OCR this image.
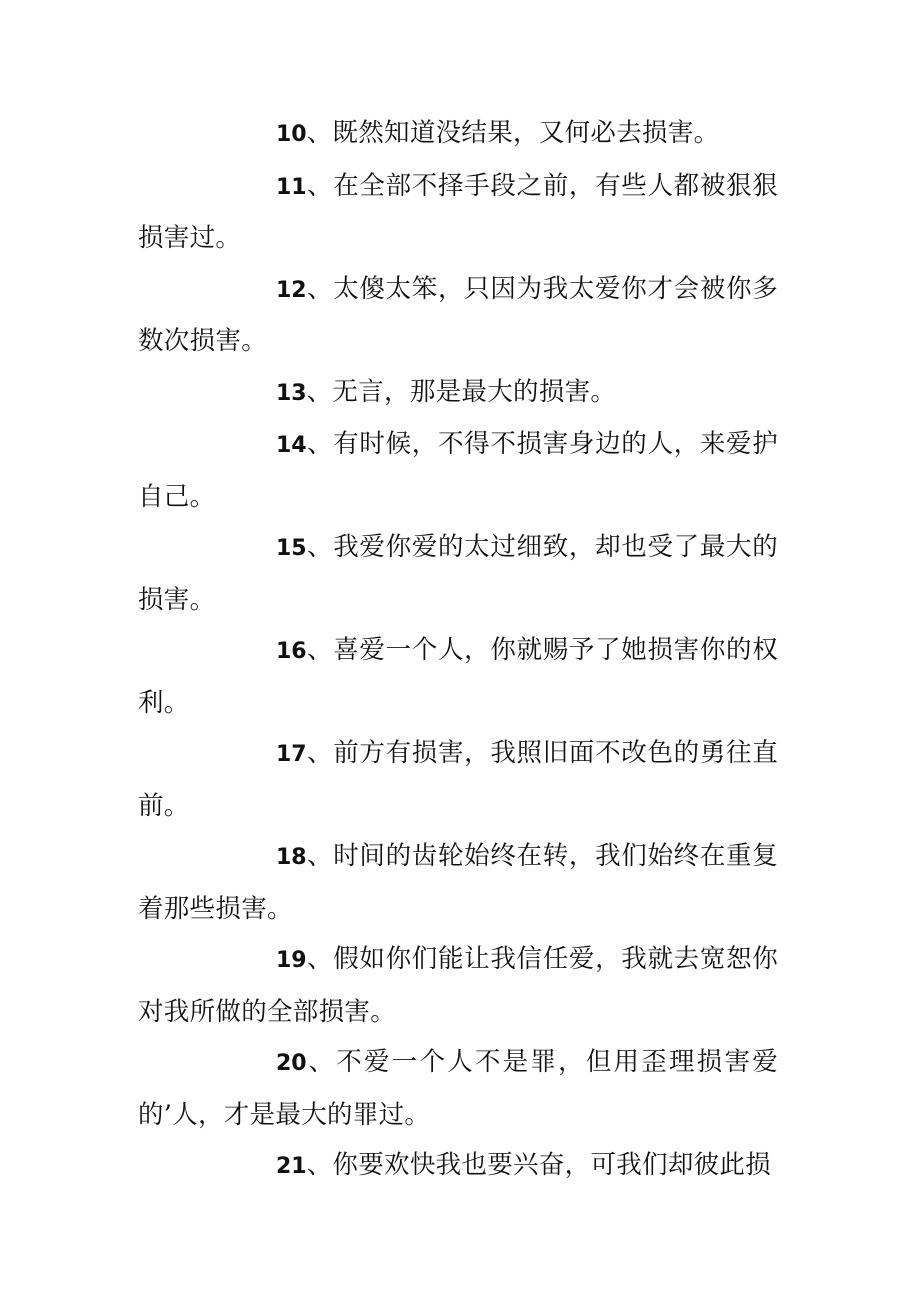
10、既然知道没结果，又何必去损害。

11、在全部不择手段之前，有些人都被狠狠损害过。

12、太傻太笨，只因为我太爱你才会被你多数次损害。

13、无言，那是最大的损害。

14、有时候，不得不损害身边的人，来爱护自己。

15、我爱你爱的太过细致，却也受了最大的损害。

16、喜爱一个人，你就赐予了她损害你的权利。

17、前方有损害，我照旧面不改色的勇往直前。

18、时间的齿轮始终在转，我们始终在重复着那些损害。

19、假如你们能让我信任爱，我就去宽恕你对我所做的全部损害。

20、不爱一个人不是罪，但用歪理损害爱的’人，才是最大的罪过。

21、你要欢快我也要兴奋，可我们却彼此损
